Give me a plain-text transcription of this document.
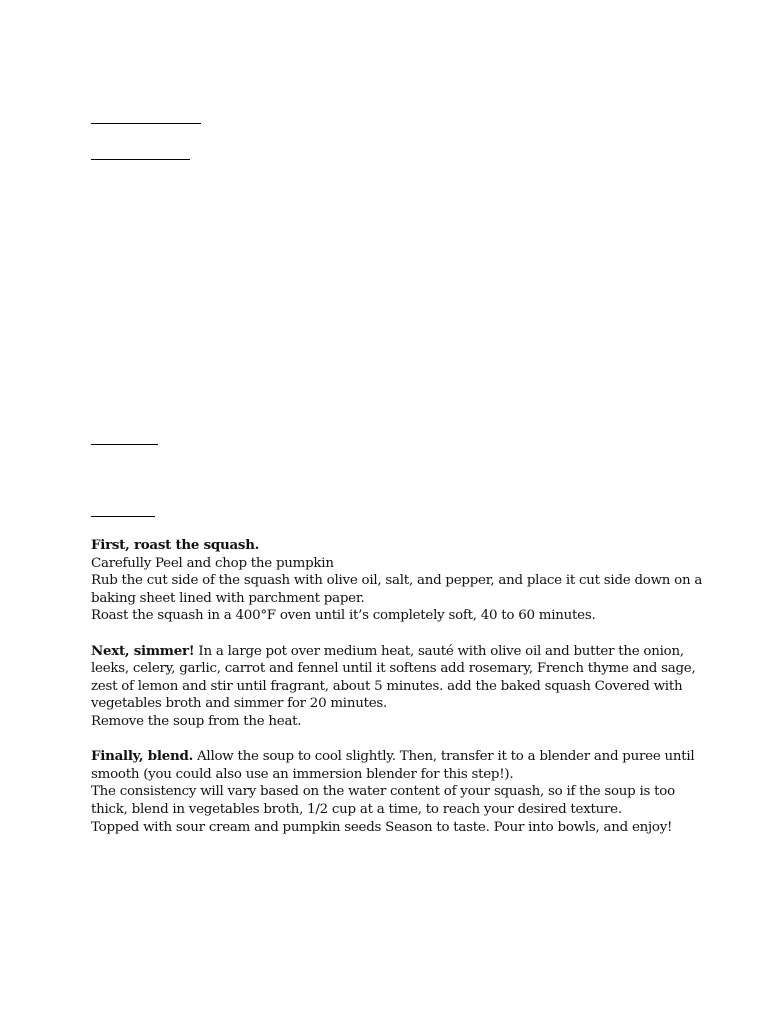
First, roast the squash.
Carefully Peel and chop the pumpkin
Rub the cut side of the squash with olive oil, salt, and pepper, and place it cut side down on a
baking sheet lined with parchment paper.
Roast the squash in a 400°F oven until it’s completely soft, 40 to 60 minutes.
Next, simmer! In a large pot over medium heat, sauté with olive oil and butter the onion,
leeks, celery, garlic, carrot and fennel until it softens add rosemary, French thyme and sage,
zest of lemon and stir until fragrant, about 5 minutes. add the baked squash Covered with
vegetables broth and simmer for 20 minutes.
Remove the soup from the heat.
Finally, blend. Allow the soup to cool slightly. Then, transfer it to a blender and puree until
smooth (you could also use an immersion blender for this step!).
The consistency will vary based on the water content of your squash, so if the soup is too
thick, blend in vegetables broth, 1/2 cup at a time, to reach your desired texture.
Topped with sour cream and pumpkin seeds Season to taste. Pour into bowls, and enjoy!
